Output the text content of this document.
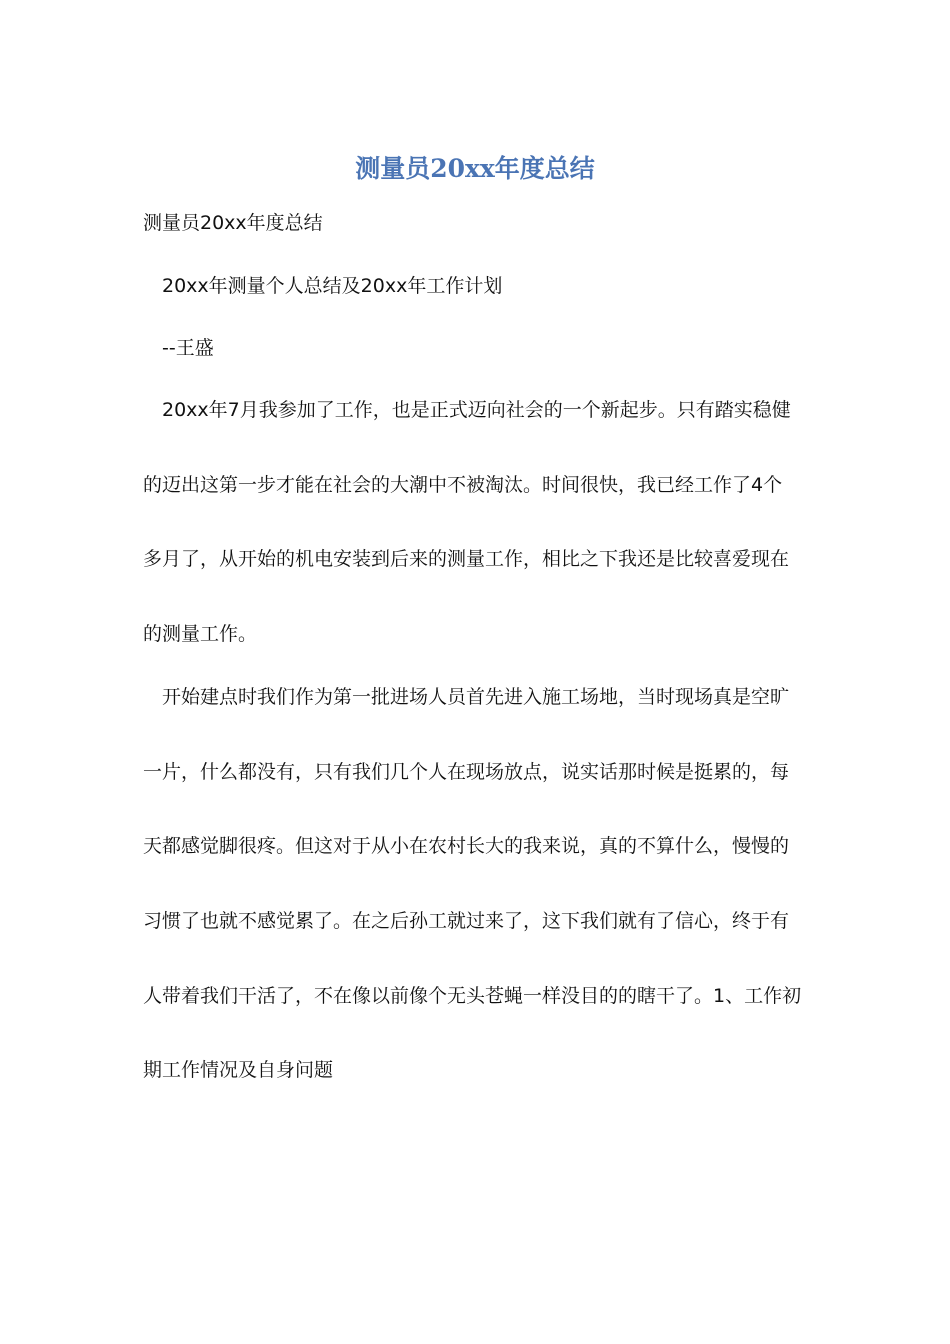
测量员20xx年度总结

测量员20xx年度总结

20xx年测量个人总结及20xx年工作计划

--王盛

20xx年7月我参加了工作，也是正式迈向社会的一个新起步。只有踏实稳健

的迈出这第一步才能在社会的大潮中不被淘汰。时间很快，我已经工作了4个

多月了，从开始的机电安装到后来的测量工作，相比之下我还是比较喜爱现在

的测量工作。

开始建点时我们作为第一批进场人员首先进入施工场地，当时现场真是空旷

一片，什么都没有，只有我们几个人在现场放点，说实话那时候是挺累的，每

天都感觉脚很疼。但这对于从小在农村长大的我来说，真的不算什么，慢慢的

习惯了也就不感觉累了。在之后孙工就过来了，这下我们就有了信心，终于有

人带着我们干活了，不在像以前像个无头苍蝇一样没目的的瞎干了。1、工作初

期工作情况及自身问题
